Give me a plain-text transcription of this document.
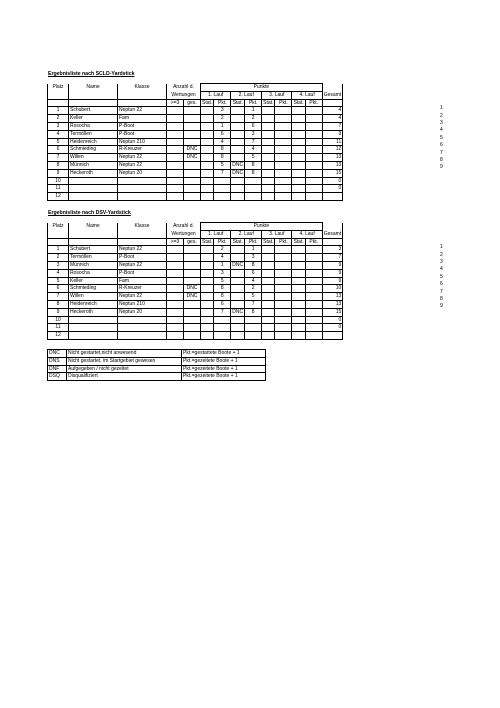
Ergebnisliste nach SCLD-Yardstick
1
2
3
4
5
6
7
8
9
Platz	Name	Klasse	Anzahl d.		Punkte								
			Wertungen		1. Lauf		2. Lauf		3. Lauf		4. Lauf		Gesamt
			>=3	ges.	Stat.	Pkt.	Stat.	Pkt.	Stat.	Pkt.	Stat.	Pkt.	
1	Schubert	Neptun 22				3		1					4
2	Keller	Fam				2		2					4
3	Rosocha	P-Boot				1		6					7
4	Termöllen	P-Boot				6		3					9
5	Heidenreich	Neptun 210				4		7					11
6	Schmieding	R-Kreuzer		DNC		8		4					12
7	Willen	Neptun 22		DNC		8		5					13
8	Münnich	Neptun 22				5	DNC	8					13
9	Heckeroth	Neptun 20				7	DNC	8					15
10													0
11													0
12													
Ergebnisliste nach DSV-Yardstick
1
2
3
4
5
6
7
8
9
Platz	Name	Klasse	Anzahl d.		Punkte								
			Wertungen		1. Lauf		2. Lauf		3. Lauf		4. Lauf		Gesamt
			>=3	ges.	Stat.	Pkt.	Stat.	Pkt.	Stat.	Pkt.	Stat.	Pkt.	
1	Schubert	Neptun 22				2		1					3
2	Termöllen	P-Boot				4		3					7
3	Münnich	Neptun 22				1	DNC	8					9
4	Rosocha	P-Boot				3		6					9
5	Keller	Fam				5		4					9
6	Schmieding	R-Kreuzer		DNC		8		2					10
7	Willen	Neptun 22		DNC		8		5					13
8	Heidenreich	Neptun 210				6		7					13
9	Heckeroth	Neptun 20				7	DNC	8					15
10													0
11													0
12													
DNC	Nicht gestartet,nicht anwesend	Pkt.=gestartete Boote + 1
DNS	Nicht gestartet, im Startgebiet gewesen	Pkt.=gezeitete Boote + 1
DNF	Aufgegeben / nicht gezeitet	Pkt.=gezeitete Boote + 1
DSQ	Disqualifiziert	Pkt.=gezeitete Boote + 1
